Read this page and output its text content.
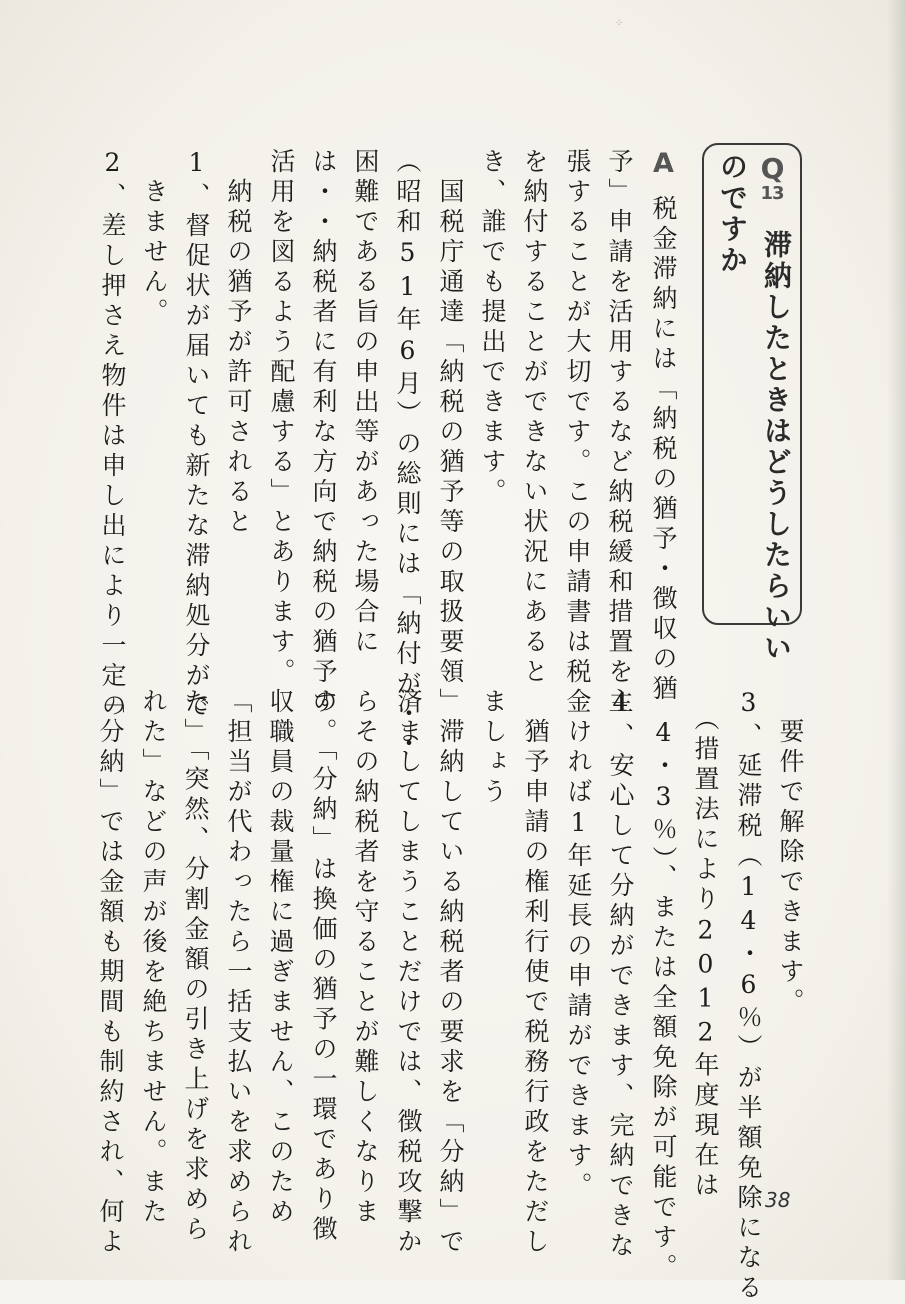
⁘
Q
13
滞納したときはどうしたらいい
のですか
A
税金滞納には「納税の猶予・徴収の猶
予」申請を活用するなど納税緩和措置を主
張することが大切です。この申請書は税金
を納付することができない状況にあると
き、誰でも提出できます。
　国税庁通達「納税の猶予等の取扱要領」
（昭和51年6月）の総則には「納付が・・
困難である旨の申出等があった場合に
は・・納税者に有利な方向で納税の猶予の
活用を図るよう配慮する」とあります。
　納税の猶予が許可されると
1、督促状が届いても新たな滞納処分がで
　きません。
2、差し押さえ物件は申し出により一定の
　要件で解除できます。
3、延滞税（14・6％）が半額免除になる
　（措置法により2012年度現在は
　4・3％）、または全額免除が可能です。
4、安心して分納ができます、完納できな
　ければ1年延長の申請ができます。
　猶予申請の権利行使で税務行政をただし
ましょう
　滞納している納税者の要求を「分納」で
済ましてしまうことだけでは、徴税攻撃か
らその納税者を守ることが難しくなりま
す。「分納」は換価の猶予の一環であり徴
収職員の裁量権に過ぎません、このため
「担当が代わったら一括支払いを求められ
た」「突然、分割金額の引き上げを求めら
れた」などの声が後を絶ちません。また
「分納」では金額も期間も制約され、何よ	38
